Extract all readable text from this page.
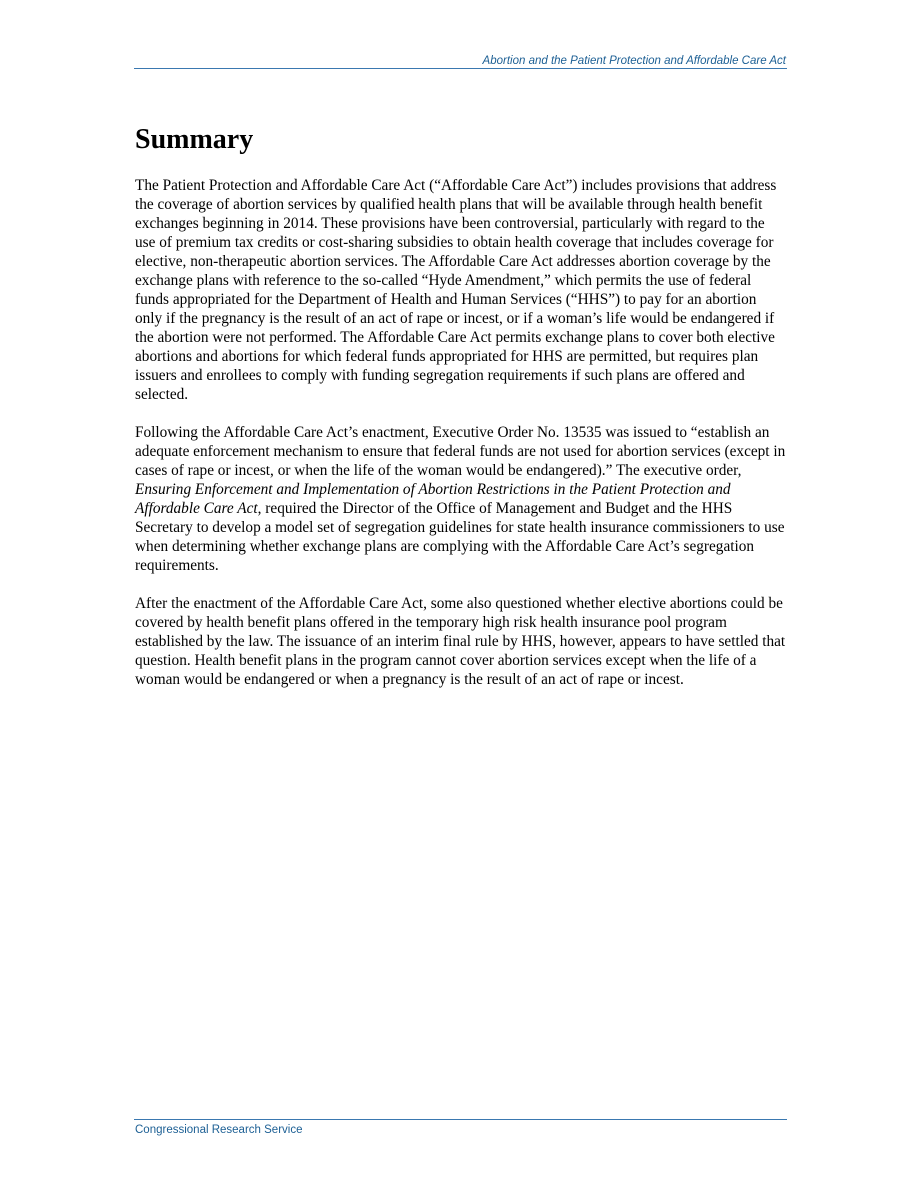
Abortion and the Patient Protection and Affordable Care Act
Summary

The Patient Protection and Affordable Care Act (“Affordable Care Act”) includes provisions that address the coverage of abortion services by qualified health plans that will be available through health benefit exchanges beginning in 2014. These provisions have been controversial, particularly with regard to the use of premium tax credits or cost-sharing subsidies to obtain health coverage that includes coverage for elective, non-therapeutic abortion services. The Affordable Care Act addresses abortion coverage by the exchange plans with reference to the so-called “Hyde Amendment,” which permits the use of federal funds appropriated for the Department of Health and Human Services (“HHS”) to pay for an abortion only if the pregnancy is the result of an act of rape or incest, or if a woman’s life would be endangered if the abortion were not performed. The Affordable Care Act permits exchange plans to cover both elective abortions and abortions for which federal funds appropriated for HHS are permitted, but requires plan issuers and enrollees to comply with funding segregation requirements if such plans are offered and selected.

Following the Affordable Care Act’s enactment, Executive Order No. 13535 was issued to “establish an adequate enforcement mechanism to ensure that federal funds are not used for abortion services (except in cases of rape or incest, or when the life of the woman would be endangered).” The executive order, Ensuring Enforcement and Implementation of Abortion Restrictions in the Patient Protection and Affordable Care Act, required the Director of the Office of Management and Budget and the HHS Secretary to develop a model set of segregation guidelines for state health insurance commissioners to use when determining whether exchange plans are complying with the Affordable Care Act’s segregation requirements.

After the enactment of the Affordable Care Act, some also questioned whether elective abortions could be covered by health benefit plans offered in the temporary high risk health insurance pool program established by the law. The issuance of an interim final rule by HHS, however, appears to have settled that question. Health benefit plans in the program cannot cover abortion services except when the life of a woman would be endangered or when a pregnancy is the result of an act of rape or incest.

Congressional Research Service
